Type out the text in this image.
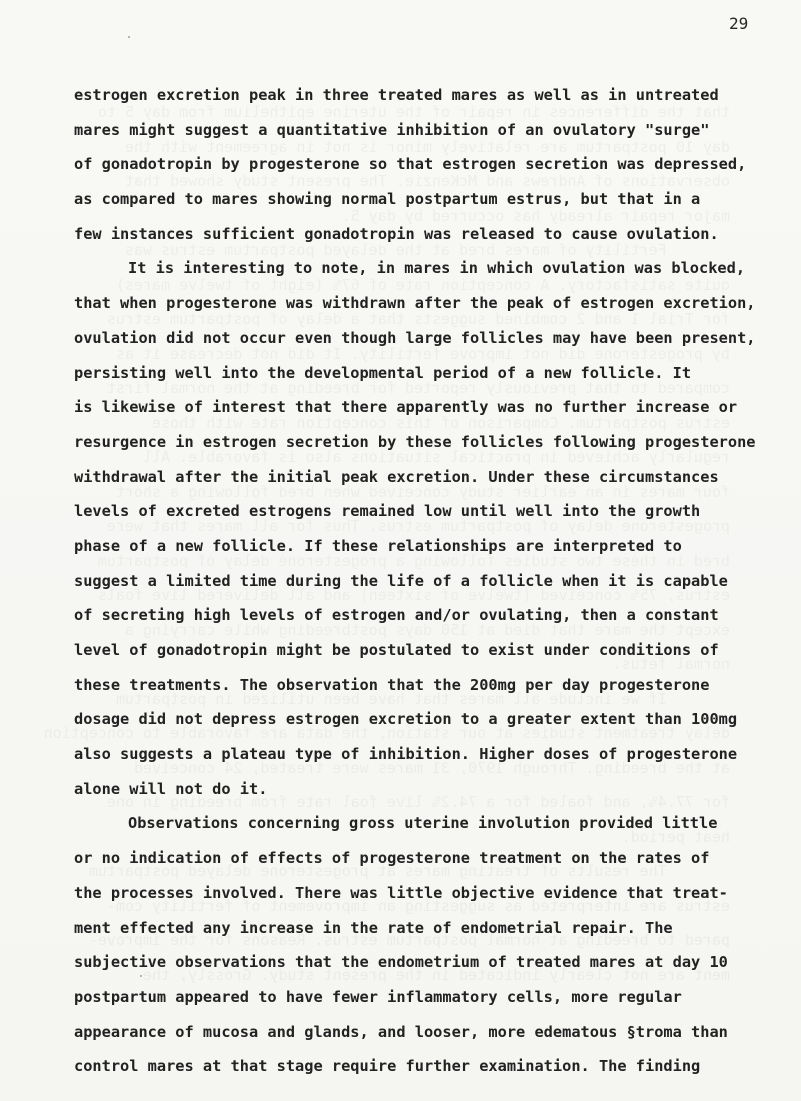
29
estrogen excretion peak in three treated mares as well as in untreated
mares might suggest a quantitative inhibition of an ovulatory "surge"
of gonadotropin by progesterone so that estrogen secretion was depressed,
as compared to mares showing normal postpartum estrus, but that in a
few instances sufficient gonadotropin was released to cause ovulation.
It is interesting to note, in mares in which ovulation was blocked,
that when progesterone was withdrawn after the peak of estrogen excretion,
ovulation did not occur even though large follicles may have been present,
persisting well into the developmental period of a new follicle. It
is likewise of interest that there apparently was no further increase or
resurgence in estrogen secretion by these follicles following progesterone
withdrawal after the initial peak excretion. Under these circumstances
levels of excreted estrogens remained low until well into the growth
phase of a new follicle. If these relationships are interpreted to
suggest a limited time during the life of a follicle when it is capable
of secreting high levels of estrogen and/or ovulating, then a constant
level of gonadotropin might be postulated to exist under conditions of
these treatments. The observation that the 200mg per day progesterone
dosage did not depress estrogen excretion to a greater extent than 100mg
also suggests a plateau type of inhibition. Higher doses of progesterone
alone will not do it.
Observations concerning gross uterine involution provided little
or no indication of effects of progesterone treatment on the rates of
the processes involved. There was little objective evidence that treat-
ment effected any increase in the rate of endometrial repair. The
subjective observations that the endometrium of treated mares at day 10
postpartum appeared to have fewer inflammatory cells, more regular
appearance of mucosa and glands, and looser, more edematous §troma than
control mares at that stage require further examination. The finding
